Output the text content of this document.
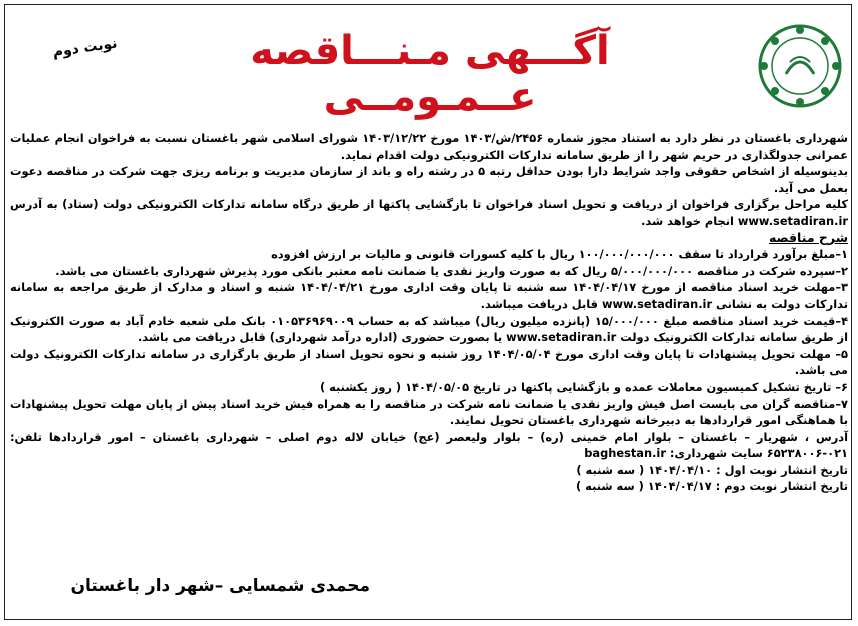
آگـــهی مـنـــاقصه عــمـومــی
نوبت دوم

شهرداری باغستان در نظر دارد به استناد مجوز شماره ۲۴۵۶/ش/۱۴۰۳ مورخ ۱۴۰۳/۱۲/۲۲ شورای اسلامی شهر باغستان نسبت به فراخوان انجام عملیات عمرانی جدولگذاری در حریم شهر را از طریق سامانه تدارکات الکترونیکی دولت اقدام نماید.

بدینوسیله از اشخاص حقوقی واجد شرایط دارا بودن حداقل رتبه ۵ در رشته راه و باند از سازمان مدیریت و برنامه ریزی جهت شرکت در مناقصه دعوت بعمل می آید.

کلیه مراحل برگزاری فراخوان از دریافت و تحویل اسناد فراخوان تا بازگشایی پاکتها از طریق درگاه سامانه تدارکات الکترونیکی دولت (ستاد) به آدرس www.setadiran.ir انجام خواهد شد.

شرح مناقصه

۱–مبلغ برآورد قرارداد تا سقف ۱۰۰/۰۰۰/۰۰۰/۰۰۰ ریال با کلیه کسورات قانونی و مالیات بر ارزش افزوده

۲–سپرده شرکت در مناقصه ۵/۰۰۰/۰۰۰/۰۰۰ ریال که به صورت واریز نقدی یا ضمانت نامه معتبر بانکی مورد پذیرش شهرداری باغستان می باشد.

۳–مهلت خرید اسناد مناقصه از مورخ ۱۴۰۴/۰۴/۱۷ سه شنبه تا پایان وقت اداری مورخ ۱۴۰۴/۰۴/۲۱ شنبه و اسناد و مدارک از طریق مراجعه به سامانه تدارکات دولت به نشانی www.setadiran.ir قابل دریافت میباشد.

۴–قیمت خرید اسناد مناقصه مبلغ ۱۵/۰۰۰/۰۰۰ (پانزده میلیون ریال) میباشد که به حساب ۰۱۰۵۳۶۹۶۹۰۰۹ بانک ملی شعبه خادم آباد به صورت الکترونیک از طریق سامانه تدارکات الکترونیک دولت www.setadiran.ir یا بصورت حضوری (اداره درآمد شهرداری) قابل دریافت می باشد.

۵– مهلت تحویل پیشنهادات تا پایان وقت اداری مورخ ۱۴۰۴/۰۵/۰۴ روز شنبه و نحوه تحویل اسناد از طریق بارگزاری در سامانه تدارکات الکترونیک دولت می باشد.

۶– تاریخ تشکیل کمیسیون معاملات عمده و بازگشایی پاکتها در تاریخ ۱۴۰۴/۰۵/۰۵ ( روز یکشنبه )

۷–مناقصه گران می بایست اصل فیش واریز نقدی یا ضمانت نامه شرکت در مناقصه را به همراه فیش خرید اسناد پیش از پایان مهلت تحویل پیشنهادات با هماهنگی امور قراردادها به دبیرخانه شهرداری باغستان تحویل نمایند.

آدرس ، شهریار – باغستان – بلوار امام خمینی (ره) – بلوار ولیعصر (عج) خیابان لاله دوم اصلی – شهرداری باغستان – امور قراردادها تلفن: ۰۲۱-۶۵۲۳۸۰۰۶ سایت شهرداری: baghestan.ir

تاریخ انتشار نوبت اول : ۱۴۰۴/۰۴/۱۰ ( سه شنبه )

تاریخ انتشار نوبت دوم : ۱۴۰۴/۰۴/۱۷ ( سه شنبه )

محمدی شمسایی –شهر دار باغستان
